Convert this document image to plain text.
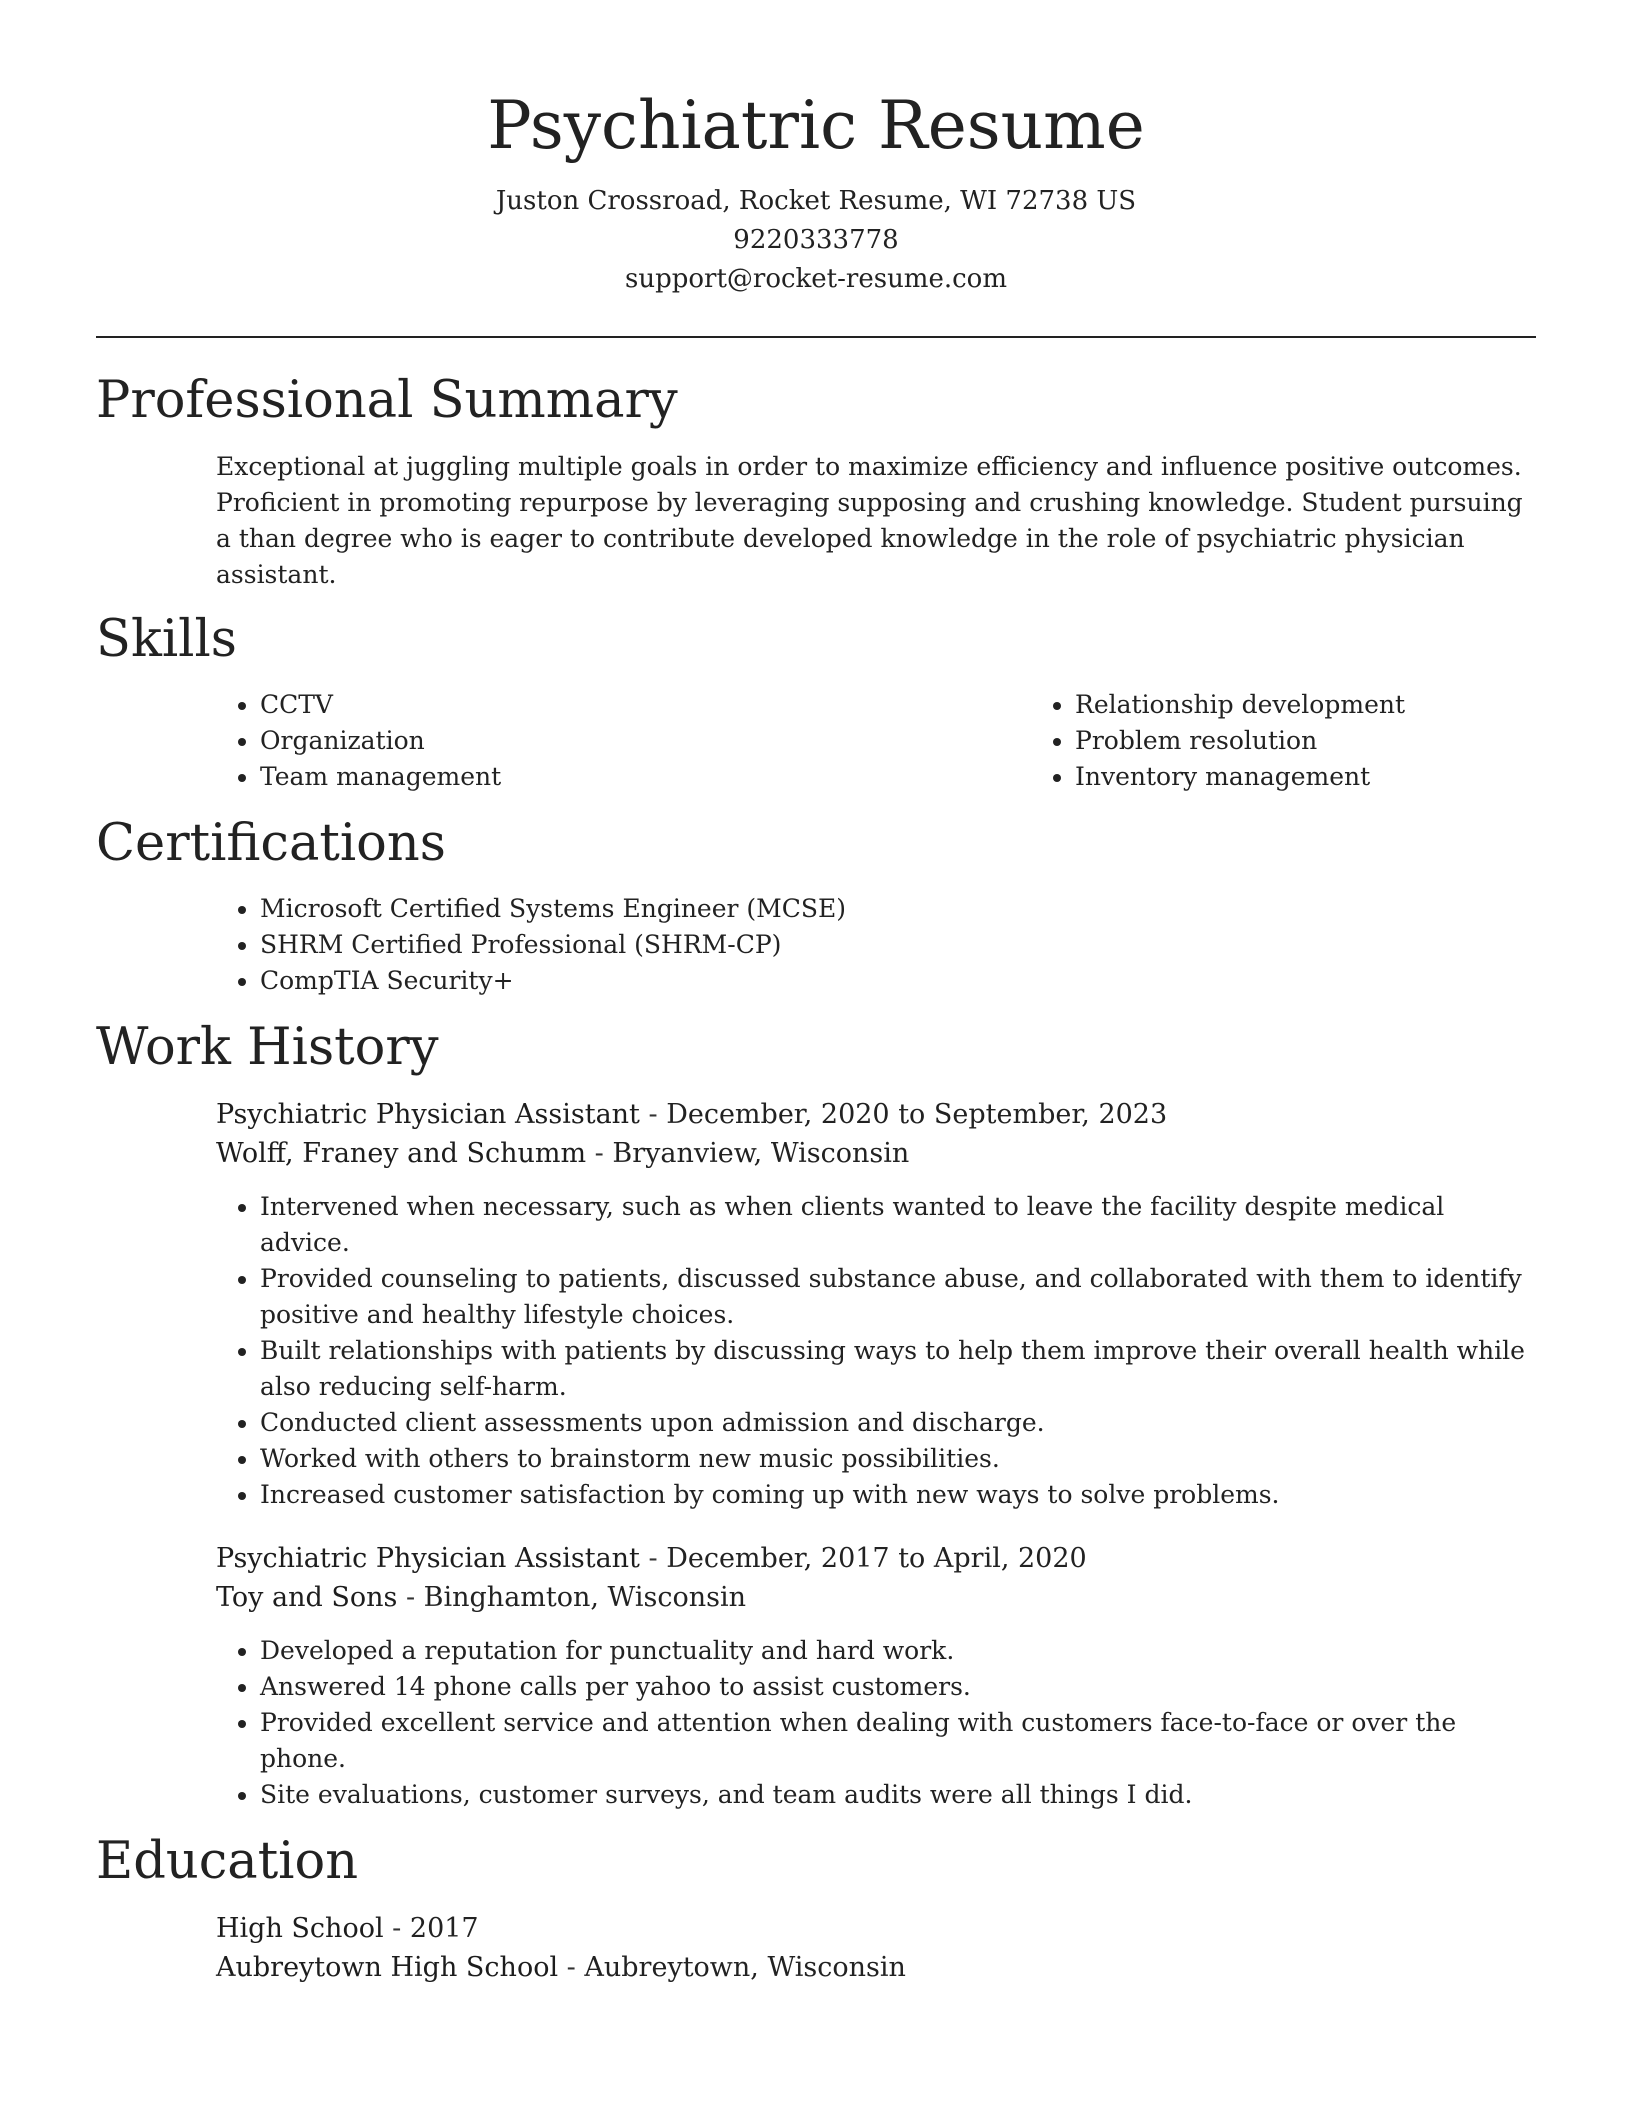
Psychiatric Resume
Juston Crossroad, Rocket Resume, WI 72738 US
9220333778
support@rocket-resume.com
Professional Summary
Exceptional at juggling multiple goals in order to maximize efficiency and influence positive outcomes. Proficient in promoting repurpose by leveraging supposing and crushing knowledge. Student pursuing a than degree who is eager to contribute developed knowledge in the role of psychiatric physician assistant.
Skills
• CCTV
• Organization
• Team management
• Relationship development
• Problem resolution
• Inventory management
Certifications
• Microsoft Certified Systems Engineer (MCSE)
• SHRM Certified Professional (SHRM-CP)
• CompTIA Security+
Work History
Psychiatric Physician Assistant - December, 2020 to September, 2023
Wolff, Franey and Schumm - Bryanview, Wisconsin
• Intervened when necessary, such as when clients wanted to leave the facility despite medical advice.
• Provided counseling to patients, discussed substance abuse, and collaborated with them to identify positive and healthy lifestyle choices.
• Built relationships with patients by discussing ways to help them improve their overall health while also reducing self-harm.
• Conducted client assessments upon admission and discharge.
• Worked with others to brainstorm new music possibilities.
• Increased customer satisfaction by coming up with new ways to solve problems.
Psychiatric Physician Assistant - December, 2017 to April, 2020
Toy and Sons - Binghamton, Wisconsin
• Developed a reputation for punctuality and hard work.
• Answered 14 phone calls per yahoo to assist customers.
• Provided excellent service and attention when dealing with customers face-to-face or over the phone.
• Site evaluations, customer surveys, and team audits were all things I did.
Education
High School - 2017
Aubreytown High School - Aubreytown, Wisconsin
